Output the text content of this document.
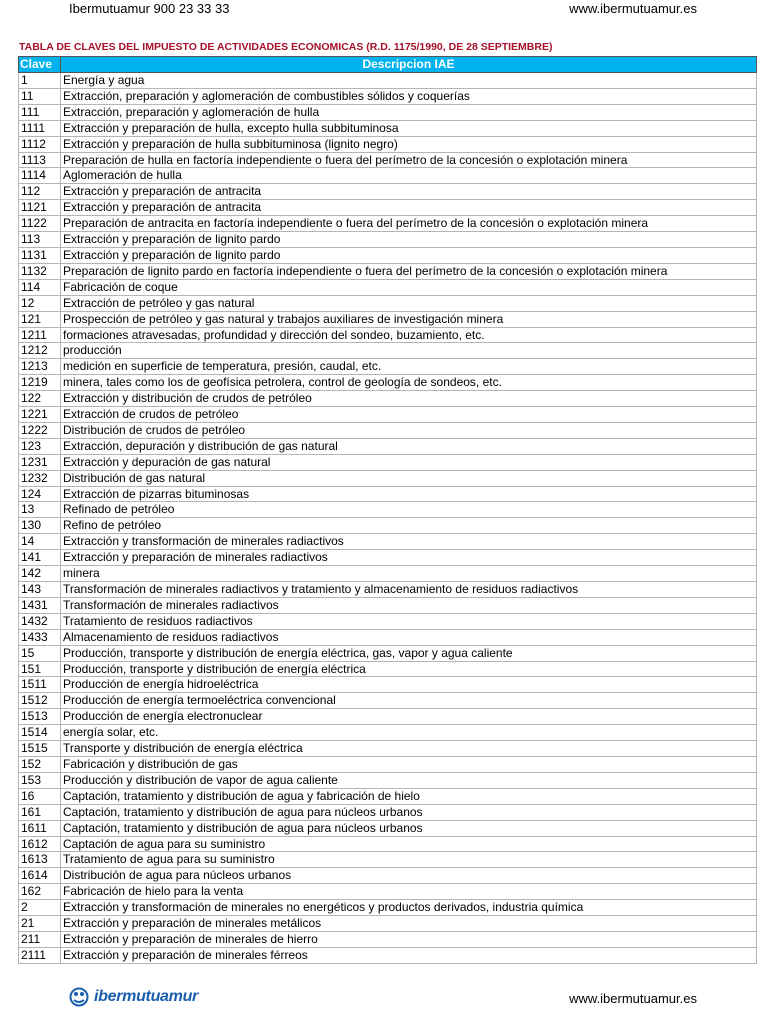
Ibermutuamur 900 23 33 33	www.ibermutuamur.es
TABLA DE CLAVES DEL IMPUESTO DE ACTIVIDADES ECONOMICAS (R.D. 1175/1990, DE 28 SEPTIEMBRE)
Clave	Descripcion IAE
1	Energía y agua
11	Extracción, preparación y aglomeración de combustibles sólidos y coquerías
111	Extracción, preparación y aglomeración de hulla
1111	Extracción y preparación de hulla, excepto hulla subbituminosa
1112	Extracción y preparación de hulla subbituminosa (lignito negro)
1113	Preparación de hulla en factoría independiente o fuera del perímetro de la concesión o explotación minera
1114	Aglomeración de hulla
112	Extracción y preparación de antracita
1121	Extracción y preparación de antracita
1122	Preparación de antracita en factoría independiente o fuera del perímetro de la concesión o explotación minera
113	Extracción y preparación de lignito pardo
1131	Extracción y preparación de lignito pardo
1132	Preparación de lignito pardo en factoría independiente o fuera del perímetro de la concesión o explotación minera
114	Fabricación de coque
12	Extracción de petróleo y gas natural
121	Prospección de petróleo y gas natural y trabajos auxiliares de investigación minera
1211	formaciones atravesadas, profundidad y dirección del sondeo, buzamiento, etc.
1212	producción
1213	medición en superficie de temperatura, presión, caudal, etc.
1219	minera, tales como los de geofísica petrolera, control de geología de sondeos, etc.
122	Extracción y distribución de crudos de petróleo
1221	Extracción de crudos de petróleo
1222	Distribución de crudos de petróleo
123	Extracción, depuración y distribución de gas natural
1231	Extracción y depuración de gas natural
1232	Distribución de gas natural
124	Extracción de pizarras bituminosas
13	Refinado de petróleo
130	Refino de petróleo
14	Extracción y transformación de minerales radiactivos
141	Extracción y preparación de minerales radiactivos
142	minera
143	Transformación de minerales radiactivos y tratamiento y almacenamiento de residuos radiactivos
1431	Transformación de minerales radiactivos
1432	Tratamiento de residuos radiactivos
1433	Almacenamiento de residuos radiactivos
15	Producción, transporte y distribución de energía eléctrica, gas, vapor y agua caliente
151	Producción, transporte y distribución de energía eléctrica
1511	Producción de energía hidroeléctrica
1512	Producción de energía termoeléctrica convencional
1513	Producción de energía electronuclear
1514	energía solar, etc.
1515	Transporte y distribución de energía eléctrica
152	Fabricación y distribución de gas
153	Producción y distribución de vapor de agua caliente
16	Captación, tratamiento y distribución de agua y fabricación de hielo
161	Captación, tratamiento y distribución de agua para núcleos urbanos
1611	Captación, tratamiento y distribución de agua para núcleos urbanos
1612	Captación de agua para su suministro
1613	Tratamiento de agua para su suministro
1614	Distribución de agua para núcleos urbanos
162	Fabricación de hielo para la venta
2	Extracción y transformación de minerales no energéticos y productos derivados, industria química
21	Extracción y preparación de minerales metálicos
211	Extracción y preparación de minerales de hierro
2111	Extracción y preparación de minerales férreos
ibermutuamur	www.ibermutuamur.es
